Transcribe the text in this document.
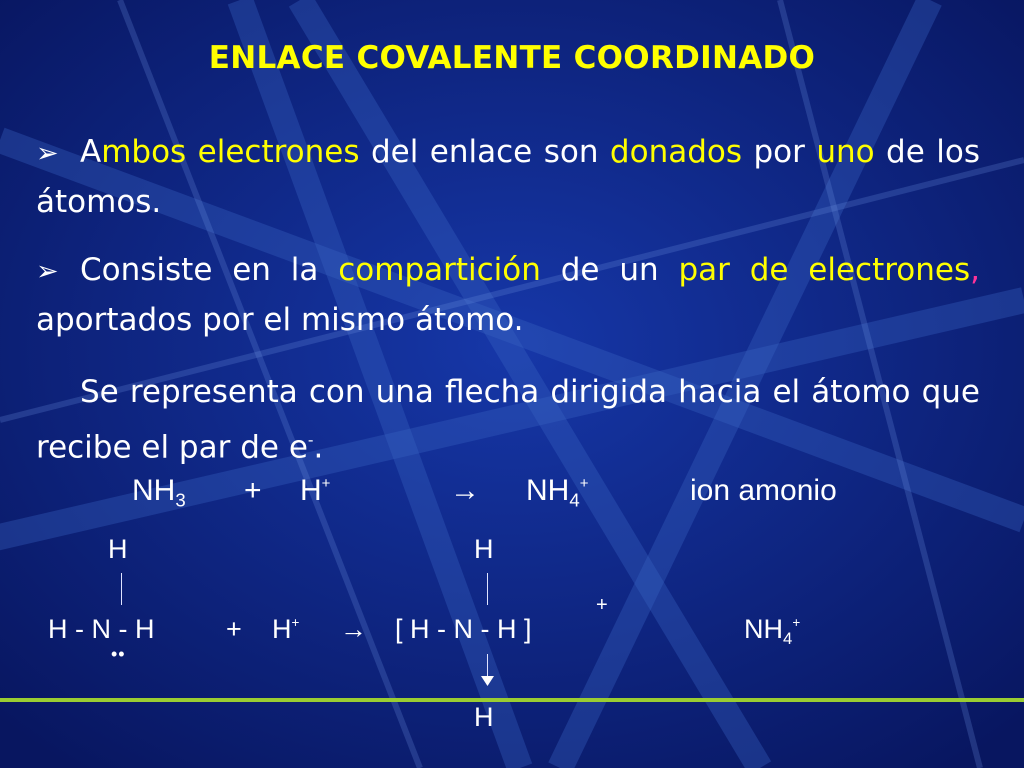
ENLACE COVALENTE COORDINADO
➢ Ambos electrones del enlace son donados por uno de los átomos.
➢ Consiste en la compartición de un par de electrones, aportados por el mismo átomo.
Se representa con una flecha dirigida hacia el átomo que recibe el par de e-.
$NH_3 + H^+$	→ $NH_4^+$	ion amonio
H	H
H - N - H
••
+ H+ → [ H - N - H ]
+
H
$NH_4^+$
